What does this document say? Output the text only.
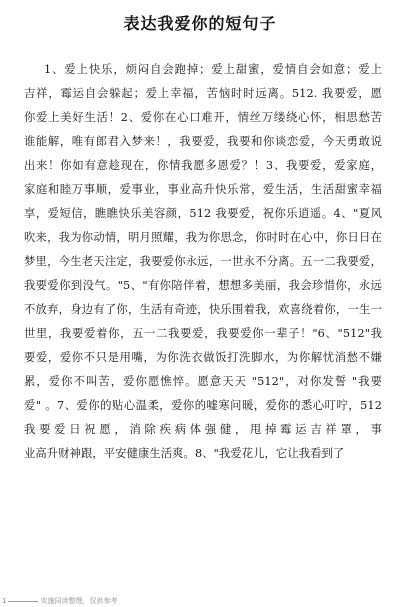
表达我爱你的短句子
1、爱上快乐，烦闷自会跑掉；爱上甜蜜，爱情自会如意；爱上
吉祥，霉运自会躲起；爱上幸福，苦恼时时远离。512. 我要爱，愿
你爱上美好生活！2、爱你在心口难开，情丝万缕绕心怀，相思愁苦
谁能解，唯有郎君入梦来！，我要爱，我要和你谈恋爱，今天勇敢说
出来！你如有意趁现在，你情我愿多恩爱？！3、我要爱，爱家庭，
家庭和睦万事顺，爱事业，事业高升快乐常，爱生活，生活甜蜜幸福
享，爱短信，瞧瞧快乐美容颜，512 我要爱，祝你乐逍遥。4、"夏风
吹来，我为你动情，明月照耀，我为你思念，你时时在心中，你日日在
梦里，今生老天注定，我要爱你永远，一世永不分离。五一二我要爱，
我要爱你到没气。"5、"有你陪伴着，想想多美丽，我会珍惜你，永远
不放弃，身边有了你，生活有奇迹，快乐围着我，欢喜绕着你，一生一
世里，我要爱着你，五一二我要爱，我要爱你一辈子！"6、"512"我
要爱，爱你不只是用嘴，为你洗衣做饭打洗脚水，为你解忧消愁不嫌
累，爱你不叫苦，爱你愿憔悴。愿意天天 "512"，对你发誓 "我要
爱" 。7、爱你的贴心温柔，爱你的嘘寒问暖，爱你的悉心叮咛，512
我要爱日祝愿，消除疾病体强健，甩掉霉运吉祥罩，事
业高升财神跟，平安健康生活爽。8、"我爱花儿，它让我看到了
1	实施同读整理，仅供参考
